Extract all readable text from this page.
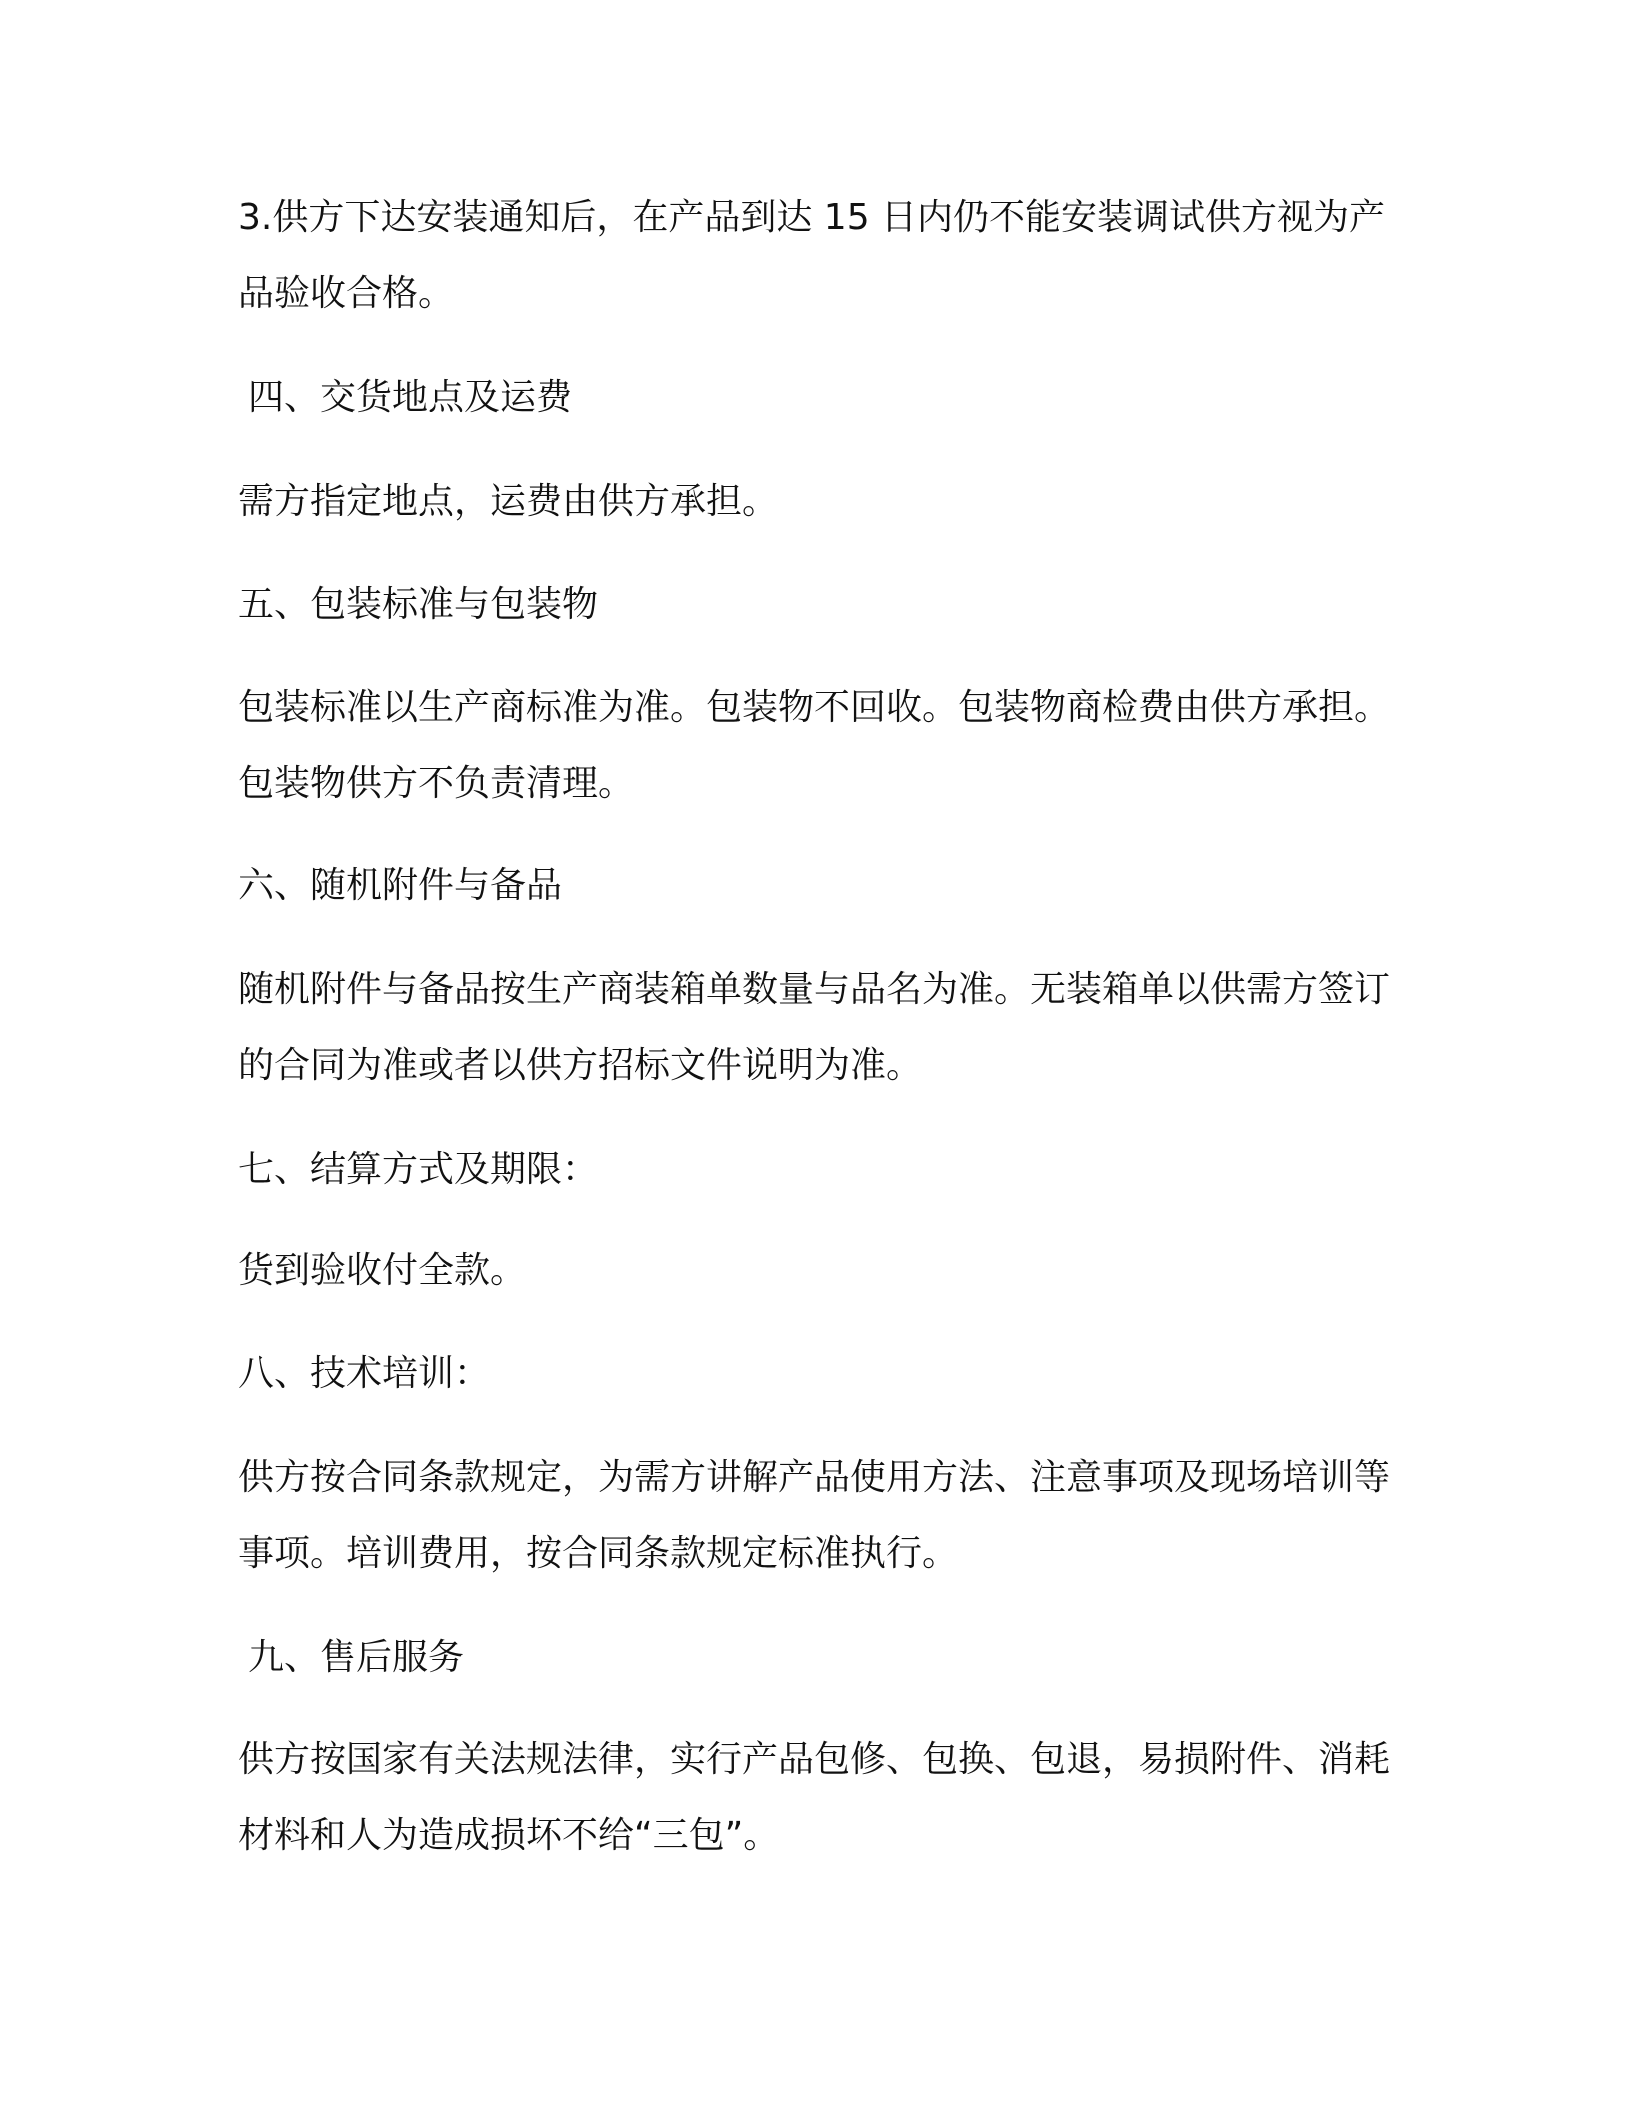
3.供方下达安装通知后，在产品到达 15 日内仍不能安装调试供方视为产品验收合格。

四、交货地点及运费

需方指定地点，运费由供方承担。

五、包装标准与包装物

包装标准以生产商标准为准。包装物不回收。包装物商检费由供方承担。包装物供方不负责清理。

六、随机附件与备品

随机附件与备品按生产商装箱单数量与品名为准。无装箱单以供需方签订的合同为准或者以供方招标文件说明为准。

七、结算方式及期限：

货到验收付全款。

八、技术培训：

供方按合同条款规定，为需方讲解产品使用方法、注意事项及现场培训等事项。培训费用，按合同条款规定标准执行。

九、售后服务

供方按国家有关法规法律，实行产品包修、包换、包退，易损附件、消耗材料和人为造成损坏不给“三包”。
